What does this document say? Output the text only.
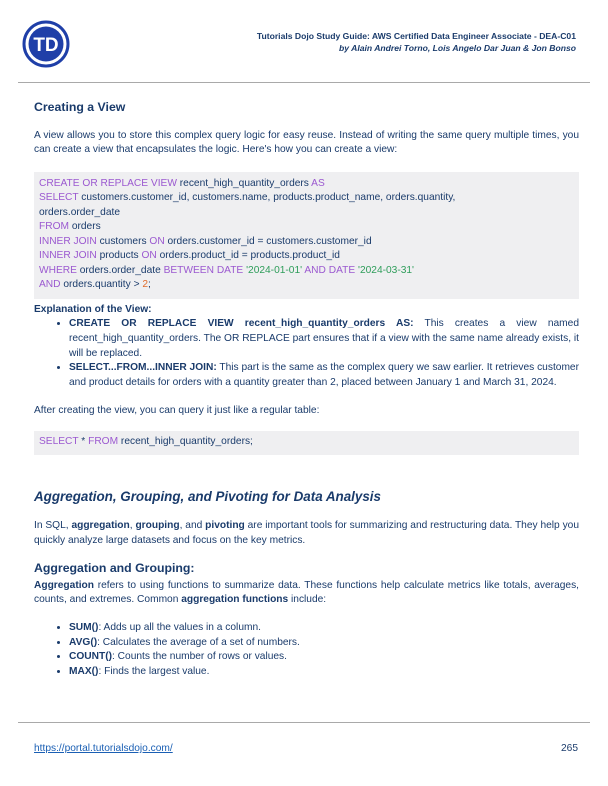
TD	Tutorials Dojo Study Guide: AWS Certified Data Engineer Associate - DEA-C01
by Alain Andrei Torno, Lois Angelo Dar Juan & Jon Bonso
Creating a View

A view allows you to store this complex query logic for easy reuse. Instead of writing the same query multiple times, you can create a view that encapsulates the logic. Here's how you can create a view:

CREATE OR REPLACE VIEW recent_high_quantity_orders AS
SELECT customers.customer_id, customers.name, products.product_name, orders.quantity,
orders.order_date
FROM orders
INNER JOIN customers ON orders.customer_id = customers.customer_id
INNER JOIN products ON orders.product_id = products.product_id
WHERE orders.order_date BETWEEN DATE '2024-01-01' AND DATE '2024-03-31'
AND orders.quantity > 2;

Explanation of the View:

• CREATE OR REPLACE VIEW recent_high_quantity_orders AS: This creates a view named recent_high_quantity_orders. The OR REPLACE part ensures that if a view with the same name already exists, it will be replaced.
• SELECT...FROM...INNER JOIN: This part is the same as the complex query we saw earlier. It retrieves customer and product details for orders with a quantity greater than 2, placed between January 1 and March 31, 2024.

After creating the view, you can query it just like a regular table:

SELECT * FROM recent_high_quantity_orders;
Aggregation, Grouping, and Pivoting for Data Analysis

In SQL, aggregation, grouping, and pivoting are important tools for summarizing and restructuring data. They help you quickly analyze large datasets and focus on the key metrics.

Aggregation and Grouping:

Aggregation refers to using functions to summarize data. These functions help calculate metrics like totals, averages, counts, and extremes. Common aggregation functions include:

• SUM(): Adds up all the values in a column.
• AVG(): Calculates the average of a set of numbers.
• COUNT(): Counts the number of rows or values.
• MAX(): Finds the largest value.
https://portal.tutorialsdojo.com/	265
